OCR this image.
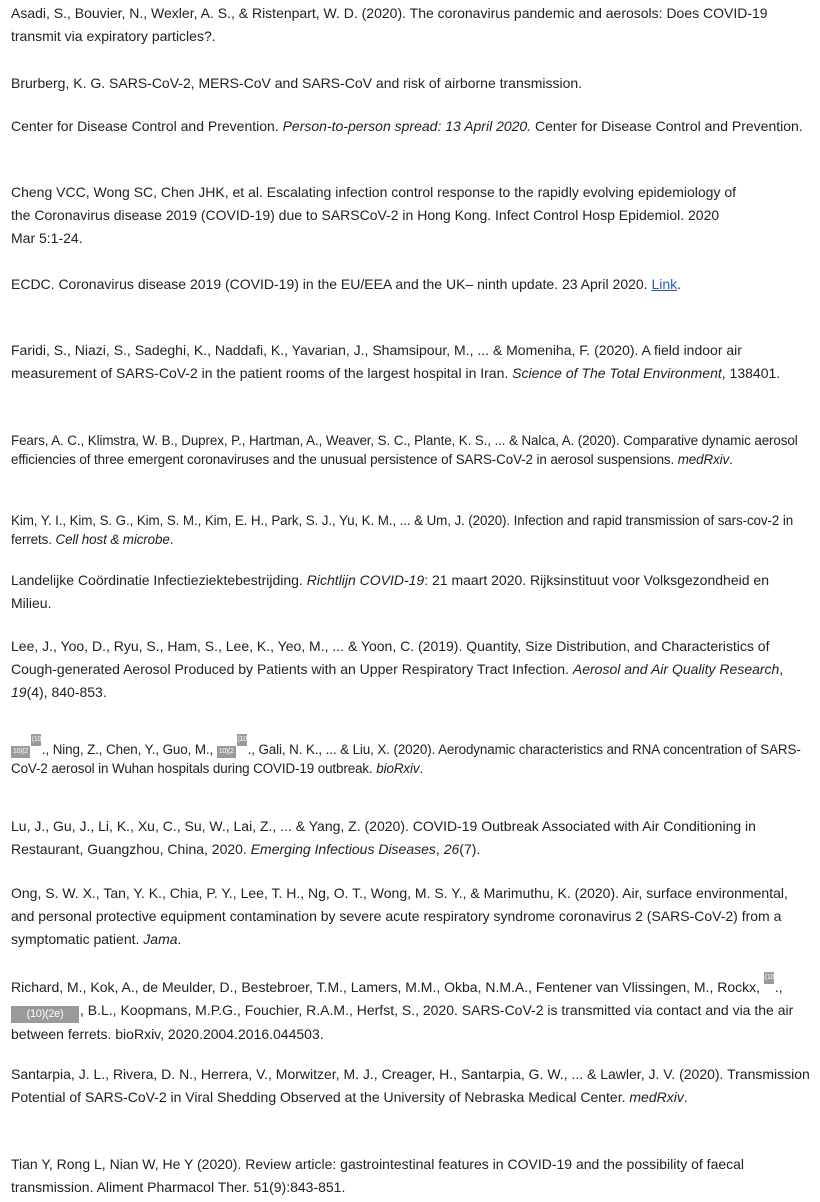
Asadi, S., Bouvier, N., Wexler, A. S., & Ristenpart, W. D. (2020). The coronavirus pandemic and aerosols: Does COVID-19 transmit via expiratory particles?.

Brurberg, K. G. SARS-CoV-2, MERS-CoV and SARS-CoV and risk of airborne transmission.

Center for Disease Control and Prevention. Person-to-person spread: 13 April 2020. Center for Disease Control and Prevention.

Cheng VCC, Wong SC, Chen JHK, et al. Escalating infection control response to the rapidly evolving epidemiology of the Coronavirus disease 2019 (COVID-19) due to SARSCoV-2 in Hong Kong. Infect Control Hosp Epidemiol. 2020 Mar 5:1-24.

ECDC. Coronavirus disease 2019 (COVID-19) in the EU/EEA and the UK– ninth update. 23 April 2020. Link.

Faridi, S., Niazi, S., Sadeghi, K., Naddafi, K., Yavarian, J., Shamsipour, M., ... & Momeniha, F. (2020). A field indoor air measurement of SARS-CoV-2 in the patient rooms of the largest hospital in Iran. Science of The Total Environment, 138401.

Fears, A. C., Klimstra, W. B., Duprex, P., Hartman, A., Weaver, S. C., Plante, K. S., ... & Nalca, A. (2020). Comparative dynamic aerosol efficiencies of three emergent coronaviruses and the unusual persistence of SARS-CoV-2 in aerosol suspensions. medRxiv.

Kim, Y. I., Kim, S. G., Kim, S. M., Kim, E. H., Park, S. J., Yu, K. M., ... & Um, J. (2020). Infection and rapid transmission of sars-cov-2 in ferrets. Cell host & microbe.

Landelijke Coördinatie Infectieziektebestrijding. Richtlijn COVID-19: 21 maart 2020. Rijksinstituut voor Volksgezondheid en Milieu.

Lee, J., Yoo, D., Ryu, S., Ham, S., Lee, K., Yeo, M., ... & Yoon, C. (2019). Quantity, Size Distribution, and Characteristics of Cough-generated Aerosol Produced by Patients with an Upper Respiratory Tract Infection. Aerosol and Air Quality Research, 19(4), 840-853.

10)(2(10)(2 ., Ning, Z., Chen, Y., Guo, M., 10)(2(10)(2 ., Gali, N. K., ... & Liu, X. (2020). Aerodynamic characteristics and RNA concentration of SARS-CoV-2 aerosol in Wuhan hospitals during COVID-19 outbreak. bioRxiv.

Lu, J., Gu, J., Li, K., Xu, C., Su, W., Lai, Z., ... & Yang, Z. (2020). COVID-19 Outbreak Associated with Air Conditioning in Restaurant, Guangzhou, China, 2020. Emerging Infectious Diseases, 26(7).

Ong, S. W. X., Tan, Y. K., Chia, P. Y., Lee, T. H., Ng, O. T., Wong, M. S. Y., & Marimuthu, K. (2020). Air, surface environmental, and personal protective equipment contamination by severe acute respiratory syndrome coronavirus 2 (SARS-CoV-2) from a symptomatic patient. Jama.

Richard, M., Kok, A., de Meulder, D., Bestebroer, T.M., Lamers, M.M., Okba, N.M.A., Fentener van Vlissingen, M., Rockx, (10)(2 ., (10)(2e) , B.L., Koopmans, M.P.G., Fouchier, R.A.M., Herfst, S., 2020. SARS-CoV-2 is transmitted via contact and via the air between ferrets. bioRxiv, 2020.2004.2016.044503.

Santarpia, J. L., Rivera, D. N., Herrera, V., Morwitzer, M. J., Creager, H., Santarpia, G. W., ... & Lawler, J. V. (2020). Transmission Potential of SARS-CoV-2 in Viral Shedding Observed at the University of Nebraska Medical Center. medRxiv.

Tian Y, Rong L, Nian W, He Y (2020). Review article: gastrointestinal features in COVID-19 and the possibility of faecal transmission. Aliment Pharmacol Ther. 51(9):843-851.
